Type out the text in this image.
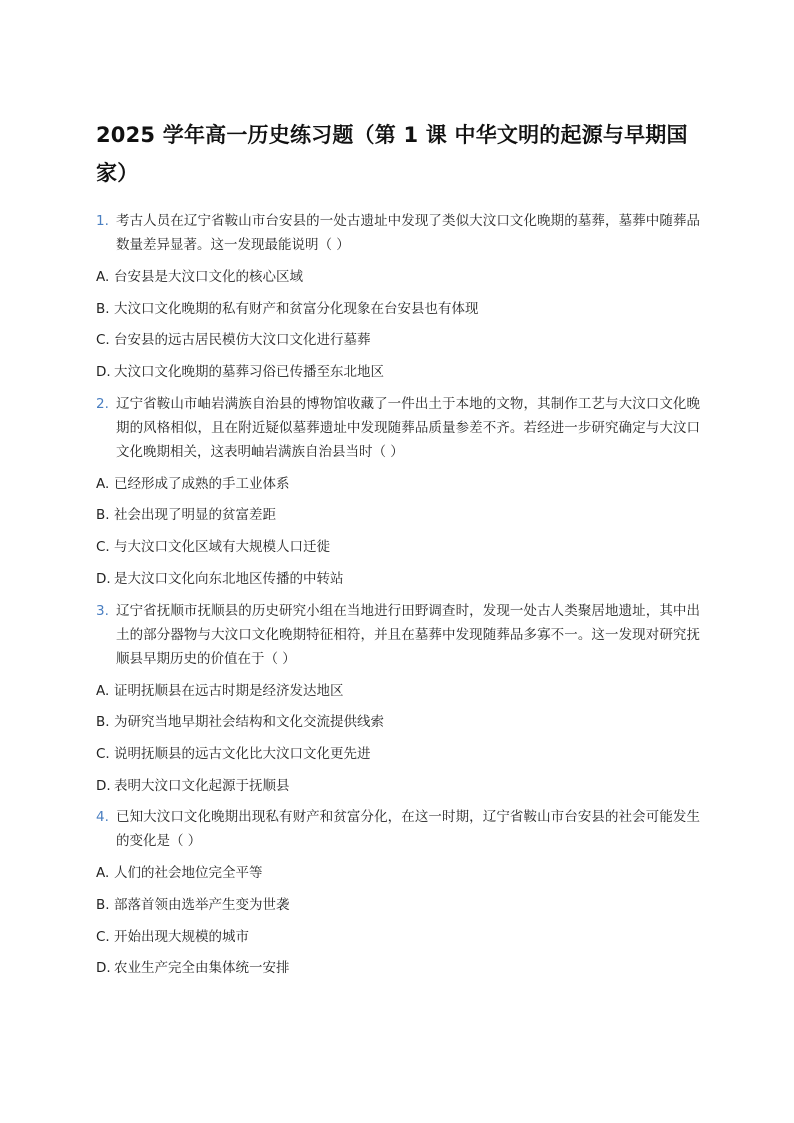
2025 学年高一历史练习题（第 1 课 中华文明的起源与早期国家）
1. 考古人员在辽宁省鞍山市台安县的一处古遗址中发现了类似大汶口文化晚期的墓葬，墓葬中随葬品数量差异显著。这一发现最能说明（ ）
A. 台安县是大汶口文化的核心区域
B. 大汶口文化晚期的私有财产和贫富分化现象在台安县也有体现
C. 台安县的远古居民模仿大汶口文化进行墓葬
D. 大汶口文化晚期的墓葬习俗已传播至东北地区
2. 辽宁省鞍山市岫岩满族自治县的博物馆收藏了一件出土于本地的文物，其制作工艺与大汶口文化晚期的风格相似，且在附近疑似墓葬遗址中发现随葬品质量参差不齐。若经进一步研究确定与大汶口文化晚期相关，这表明岫岩满族自治县当时（ ）
A. 已经形成了成熟的手工业体系
B. 社会出现了明显的贫富差距
C. 与大汶口文化区域有大规模人口迁徙
D. 是大汶口文化向东北地区传播的中转站
3. 辽宁省抚顺市抚顺县的历史研究小组在当地进行田野调查时，发现一处古人类聚居地遗址，其中出土的部分器物与大汶口文化晚期特征相符，并且在墓葬中发现随葬品多寡不一。这一发现对研究抚顺县早期历史的价值在于（ ）
A. 证明抚顺县在远古时期是经济发达地区
B. 为研究当地早期社会结构和文化交流提供线索
C. 说明抚顺县的远古文化比大汶口文化更先进
D. 表明大汶口文化起源于抚顺县
4. 已知大汶口文化晚期出现私有财产和贫富分化，在这一时期，辽宁省鞍山市台安县的社会可能发生的变化是（ ）
A. 人们的社会地位完全平等
B. 部落首领由选举产生变为世袭
C. 开始出现大规模的城市
D. 农业生产完全由集体统一安排
